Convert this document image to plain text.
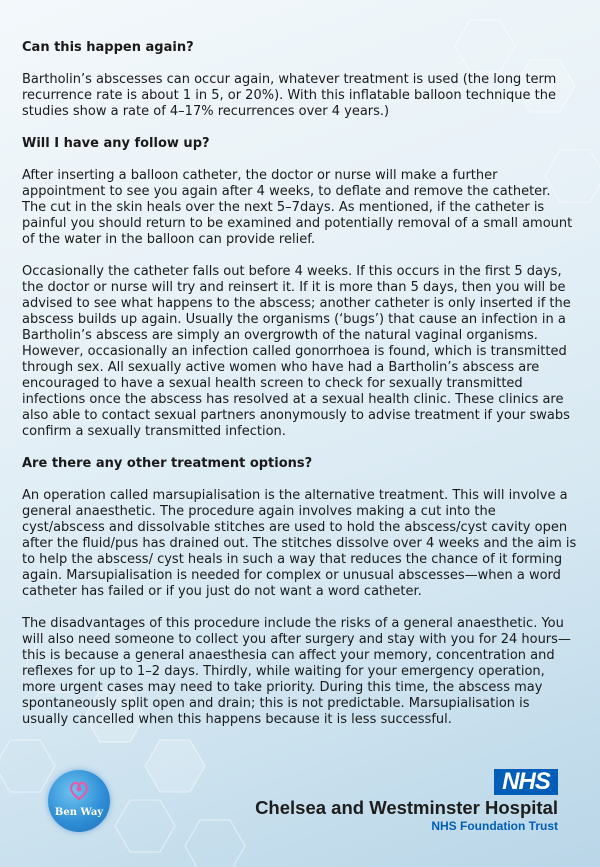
Can this happen again?

Bartholin’s abscesses can occur again, whatever treatment is used (the long term recurrence rate is about 1 in 5, or 20%). With this inflatable balloon technique the studies show a rate of 4–17% recurrences over 4 years.)

Will I have any follow up?

After inserting a balloon catheter, the doctor or nurse will make a further appointment to see you again after 4 weeks, to deflate and remove the catheter. The cut in the skin heals over the next 5–7days. As mentioned, if the catheter is painful you should return to be examined and potentially removal of a small amount of the water in the balloon can provide relief.

Occasionally the catheter falls out before 4 weeks. If this occurs in the first 5 days, the doctor or nurse will try and reinsert it. If it is more than 5 days, then you will be advised to see what happens to the abscess; another catheter is only inserted if the abscess builds up again. Usually the organisms (‘bugs’) that cause an infection in a Bartholin’s abscess are simply an overgrowth of the natural vaginal organisms. However, occasionally an infection called gonorrhoea is found, which is transmitted through sex. All sexually active women who have had a Bartholin’s abscess are encouraged to have a sexual health screen to check for sexually transmitted infections once the abscess has resolved at a sexual health clinic. These clinics are also able to contact sexual partners anonymously to advise treatment if your swabs confirm a sexually transmitted infection.

Are there any other treatment options?

An operation called marsupialisation is the alternative treatment. This will involve a general anaesthetic. The procedure again involves making a cut into the cyst/abscess and dissolvable stitches are used to hold the abscess/cyst cavity open after the fluid/pus has drained out. The stitches dissolve over 4 weeks and the aim is to help the abscess/ cyst heals in such a way that reduces the chance of it forming again. Marsupialisation is needed for complex or unusual abscesses—when a word catheter has failed or if you just do not want a word catheter.

The disadvantages of this procedure include the risks of a general anaesthetic. You will also need someone to collect you after surgery and stay with you for 24 hours—this is because a general anaesthesia can affect your memory, concentration and reflexes for up to 1–2 days. Thirdly, while waiting for your emergency operation, more urgent cases may need to take priority. During this time, the abscess may spontaneously split open and drain; this is not predictable. Marsupialisation is usually cancelled when this happens because it is less successful.

Ben Way
NHS
Chelsea and Westminster Hospital
NHS Foundation Trust
